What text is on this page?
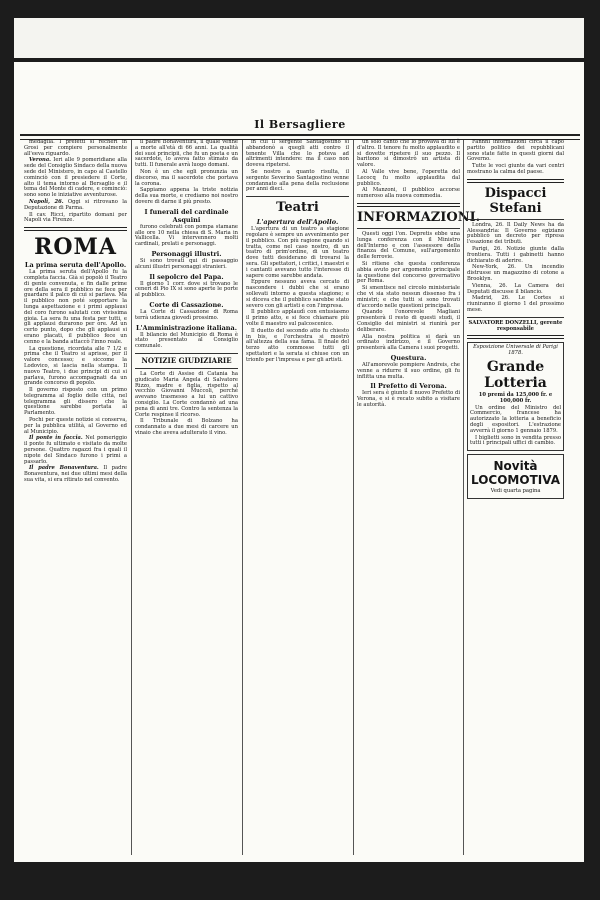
Il Bersagliere

medaglia. I prefetti si recheri in Grosi per compiere personalmente all'eeva riguardo.

Verona. Ieri alle 9 pomeridiane alla sede del Consiglio Sindaco della nuova sede del Ministero, in capo al Castello cominciò con il presiedere il Corte, alto il tema intorno al Bersaglio e il tema del Monte di cadere, e cominciò: sono sono le iniziative avventurose.

Napoli, 26. Oggi si ritrovano la Deputazione di Parma.

Il cav. Ricci, ripartito domani per Napoli via Firenze.

ROMA
La prima seruta dell'Apollo.

La prima seruta dell'Apollo fu la completa faccia. Già si popolò il Teatro di gente convenuta, e fin dalle prime ore della sera il pubblico ne fece per guardare il palco di cui si parlava. Ma il pubblico non poté sopportare la lunga aspettazione e i primi applausi del coro furono salutati con vivissima gioia. La sera fu una festa per tutti, e gli applausi durarono per ore. Ad un certo punto, dopo che gli applausi si erano placati, il pubblico fece un cenno e la banda attaccò l'inno reale.

La questione, ricordata alle 7 1/2 e prima che il Teatro si aprisse, per il valore concesso; e siccome la Lodovico, si lascia nella stampa. Il nuovo Teatro, i due principi di cui si parlava, furono accompagnati da un grande concorso di popolo.

Il governo risposto con un primo telegramma al foglio delle città, nel telegramma gli dissero che la questione sarebbe portata al Parlamento.

Pochi per queste notizie si conserva, per la pubblica utilità, al Governo ed al Municipio.

Il ponte in faccia. Nel pomeriggio il ponte fu ultimato e visitato da molte persone. Quattro ragazzi fra i quali il nipote del Sindaco furono i primi a passarlo.

Il padre Bonaventura. Il padre Bonaventura, nei due ultimi mesi della sua vita, si era ritirato nel convento.

il padre Bonaventura, il quale venne a morte all'età di 66 anni. La qualità dei suoi principii, che fu un poeta e un sacerdote, lo aveva fatto stimato da tutti. Il funerale avrà luogo domani.

Non è un che egli pronunzia un discorso, ma il sacerdote che portava la corona.

Sappiamo appena la triste notizia della sua morte, e crediamo noi nostro dovere di darne il più presto.

I funerali del cardinale Asquini

furono celebrati con pompa stamane alle ore 10 nella chiesa di S. Maria in Vallicella. Vi intervennero molti cardinali, prelati e personaggi.

Personaggi illustri.

Si sono trovati qui di passaggio alcuni illustri personaggi stranieri.

Il sepolcro del Papa.

Il giorno 1 corr. dove si trovano le ceneri di Pio IX si sono aperte le porte al pubblico.

Corte di Cassazione.

La Corte di Cassazione di Roma terrà udienza giovedì prossimo.

L'Amministrazione italiana.

Il bilancio del Municipio di Roma è stato presentato al Consiglio comunale.

NOTIZIE GIUDIZIARIE

La Corte di Assise di Catania ha giudicato Maria Angela di Salvatore Rizzo, madre e figlia, rispetto al vecchio Giovanni Muccoli, perché avevano trasmesso a lui un cattivo consiglio. La Corte condannò ad una pena di anni tre. Contro la sentenza la Corte respinse il ricorso.

Il Tribunale di Bolzano ha condannato a due mesi di carcere un vinaio che aveva adulterato il vino.

in cui il sergente Santagostino si abbandonò a quegli atti contro il tenente Villa che lo poteva ad altrimenti intendere: ma il caso non doveva ripetersi.

Se nostro a quanto risulta, il sergente Severino Santagostino venne condannato alla pena della reclusione per anni dieci.

Teatri
L'apertura dell'Apollo.

L'apertura di un teatro a stagione regolare è sempre un avvenimento per il pubblico. Con più ragione quando si tratta, come nel caso nostro, di un teatro di prim'ordine, di un teatro dove tutti desiderano di trovarsi la sera. Gli spettatori, i critici, i maestri e i cantanti avevano tutto l'interesse di sapere come sarebbe andata.

Eppure nessuno aveva cercato di nascondere i dubbi che si erano sollevati intorno a questa stagione; e si diceva che il pubblico sarebbe stato severo con gli artisti e con l'impresa.

Il pubblico applaudì con entusiasmo il primo atto, e si fece chiamare più volte il maestro sul palcoscenico.

Il duetto del secondo atto fu chiesto in bis, e l'orchestra si mostrò all'altezza della sua fama. Il finale del terzo atto commosse tutti gli spettatori e la serata si chiuse con un trionfo per l'impresa e per gli artisti.

un solo canto che lo provava di lui è d'altro. Il tenore fu molto applaudito e si dovette ripetere il suo pezzo. Il baritono si dimostrò un artista di valore.

Al Valle vive bene, l'operetta del Lecocq fu molto applaudita dal pubblico.

Al Manzoni, il pubblico accorse numeroso alla nuova commedia.

INFORMAZIONI.

Questi oggi l'on. Depretis ebbe una lunga conferenza con il Ministro dell'Interno e con l'assessore della finanza del Comune, sull'argomento delle ferrovie.

Si ritiene che questa conferenza abbia avuto per argomento principale la questione del concorso governativo per Roma.

Si smentisce nel circolo ministeriale che vi sia stato nessun dissenso fra i ministri; e che tutti si sono trovati d'accordo nelle questioni principali.

Quando l'onorevole Magliani presenterà il resto di questi studi, il Consiglio dei ministri si riunirà per deliberare.

Alla nostra politica si darà un ordinato indirizzo, e il Governo presenterà alla Camera i suoi progetti.

Questura.

All'amorevole pompiere Andreis, che venne a ridurre il suo ordine, gli fu inflitta una multa.

Il Prefetto di Verona.

Ieri sera è giunto il nuovo Prefetto di Verona, e si è recato subito a visitare le autorità.

Fannni informazioni circa il capo partito politico dei repubblicani sono state fatte in questi giorni dal Governo.

Tutte le voci giunte da vari centri mostrano la calma del paese.

Dispacci Stefani

Londra, 26. Il Daily News ha da Alessandria: Il Governo egiziano pubblicò un decreto per ripresa l'esazione dei tributi.

Parigi, 26. Notizie giunte dalla frontiera. Tutti i gabinetti hanno dichiarato di aderire.

New-York, 26. Un incendio distrusse un magazzino di cotone a Brooklyn.

Vienna, 26. La Camera dei Deputati discusse il bilancio.

Madrid, 26. Le Cortes si riuniranno il giorno 1 del prossimo mese.

SALVATORE DONZELLI, gerente responsabile

Esposizione Universale di Parigi 1878.

Grande Lotteria

10 premi da 125,000 fr. e 100,000 fr.

Un ordine del Ministro del Commercio, francese ha autorizzato la lotteria a beneficio degli espositori. L'estrazione avverrà il giorno 1 gennaio 1879.

I biglietti sono in vendita presso tutti i principali uffici di cambio.

Novità LOCOMOTIVA

Vedi quarta pagina
